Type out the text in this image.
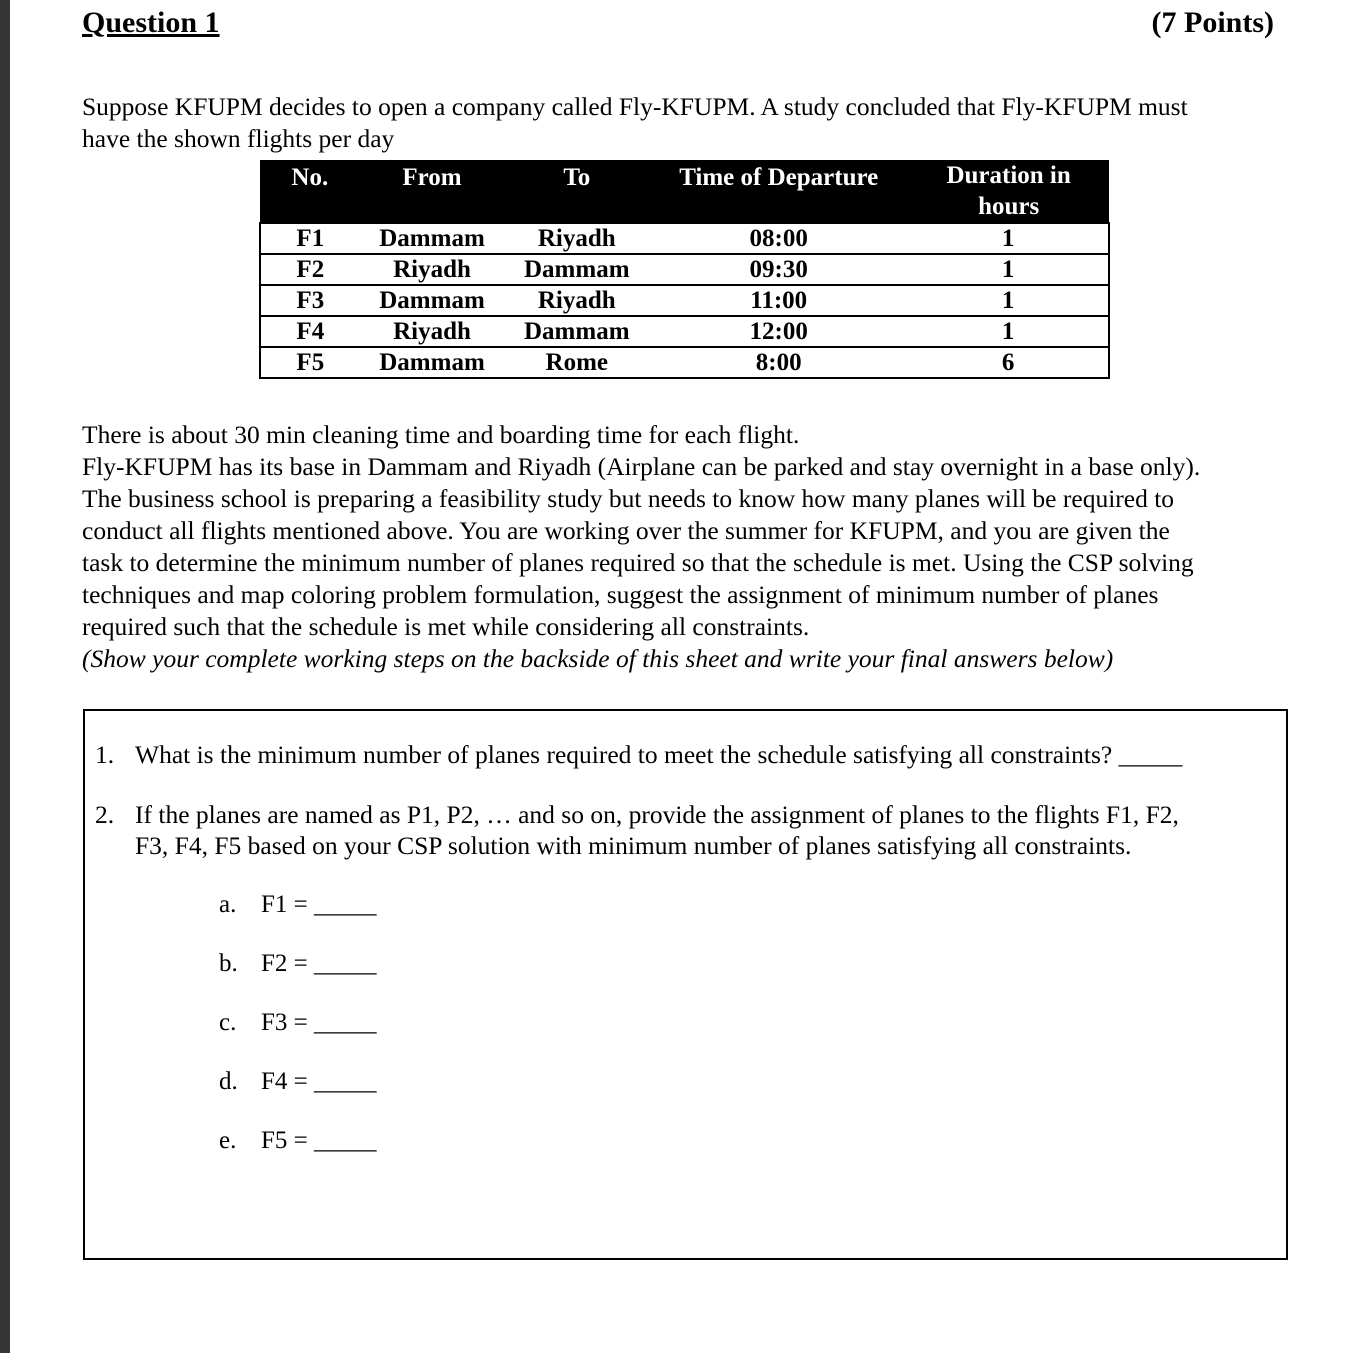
Question 1	(7 Points)
Suppose KFUPM decides to open a company called Fly-KFUPM. A study concluded that Fly-KFUPM must
have the shown flights per day
No.	From	To	Time of Departure	Duration in hours
F1	Dammam	Riyadh	08:00	1
F2	Riyadh	Dammam	09:30	1
F3	Dammam	Riyadh	11:00	1
F4	Riyadh	Dammam	12:00	1
F5	Dammam	Rome	8:00	6
There is about 30 min cleaning time and boarding time for each flight.
Fly-KFUPM has its base in Dammam and Riyadh (Airplane can be parked and stay overnight in a base only).
The business school is preparing a feasibility study but needs to know how many planes will be required to
conduct all flights mentioned above. You are working over the summer for KFUPM, and you are given the
task to determine the minimum number of planes required so that the schedule is met. Using the CSP solving
techniques and map coloring problem formulation, suggest the assignment of minimum number of planes
required such that the schedule is met while considering all constraints.
(Show your complete working steps on the backside of this sheet and write your final answers below)
1. What is the minimum number of planes required to meet the schedule satisfying all constraints? _____
2. If the planes are named as P1, P2, … and so on, provide the assignment of planes to the flights F1, F2,
F3, F4, F5 based on your CSP solution with minimum number of planes satisfying all constraints.
a. F1 = _____
b. F2 = _____
c. F3 = _____
d. F4 = _____
e. F5 = _____
